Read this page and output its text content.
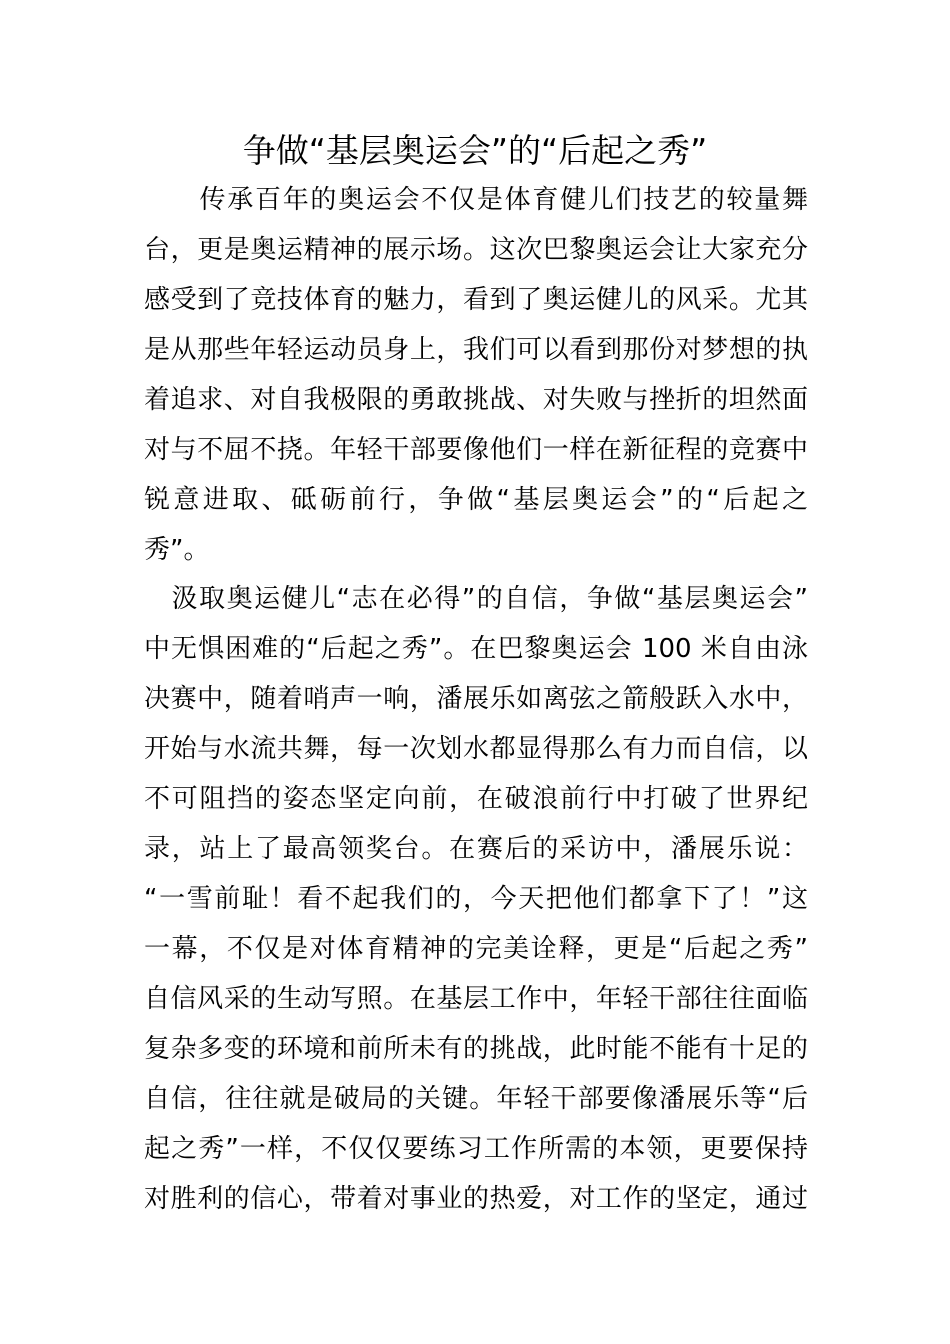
争做“基层奥运会”的“后起之秀”
　　传承百年的奥运会不仅是体育健儿们技艺的较量舞
台，更是奥运精神的展示场。这次巴黎奥运会让大家充分
感受到了竞技体育的魅力，看到了奥运健儿的风采。尤其
是从那些年轻运动员身上，我们可以看到那份对梦想的执
着追求、对自我极限的勇敢挑战、对失败与挫折的坦然面
对与不屈不挠。年轻干部要像他们一样在新征程的竞赛中
锐意进取、砥砺前行，争做“基层奥运会”的“后起之
秀”。
　汲取奥运健儿“志在必得”的自信，争做“基层奥运会”
中无惧困难的“后起之秀”。在巴黎奥运会 100 米自由泳
决赛中，随着哨声一响，潘展乐如离弦之箭般跃入水中，
开始与水流共舞，每一次划水都显得那么有力而自信，以
不可阻挡的姿态坚定向前，在破浪前行中打破了世界纪
录，站上了最高领奖台。在赛后的采访中，潘展乐说：
“一雪前耻！看不起我们的，今天把他们都拿下了！”这
一幕，不仅是对体育精神的完美诠释，更是“后起之秀”
自信风采的生动写照。在基层工作中，年轻干部往往面临
复杂多变的环境和前所未有的挑战，此时能不能有十足的
自信，往往就是破局的关键。年轻干部要像潘展乐等“后
起之秀”一样，不仅仅要练习工作所需的本领，更要保持
对胜利的信心，带着对事业的热爱，对工作的坚定，通过
